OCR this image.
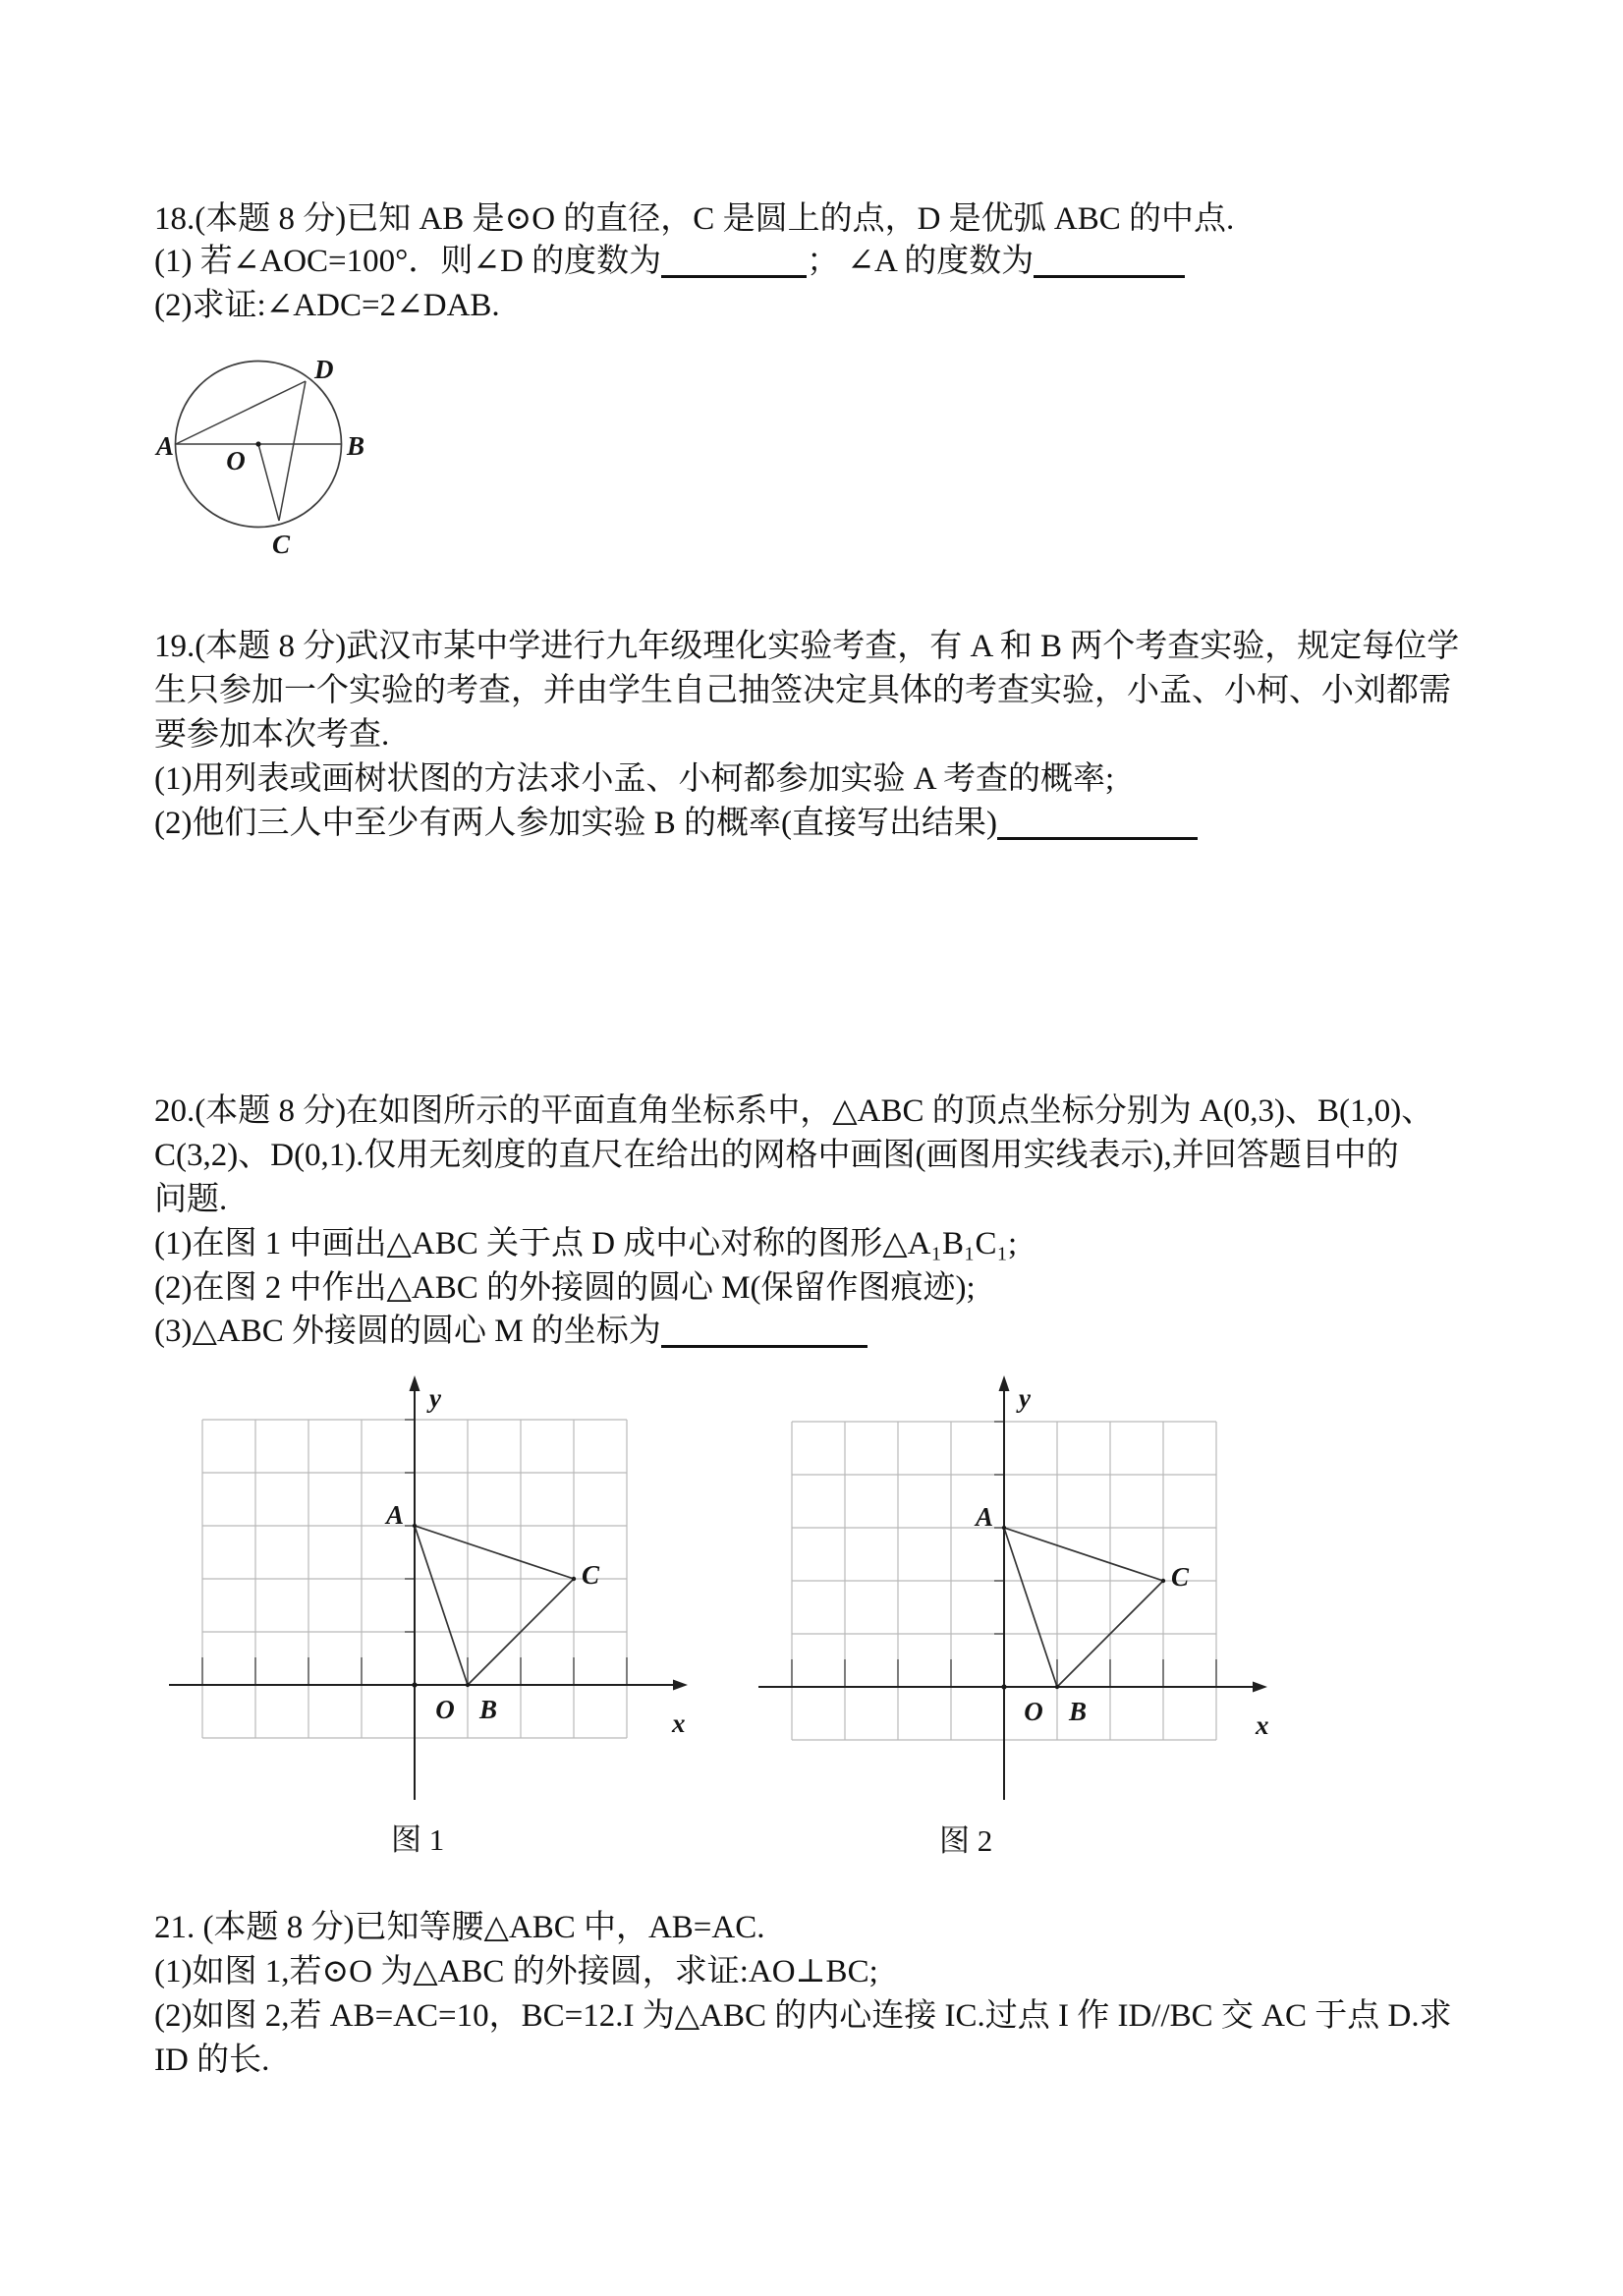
18.(本题 8 分)已知 AB 是⊙O 的直径，C 是圆上的点，D 是优弧 ABC 的中点.
(1) 若∠AOC=100°．则∠D 的度数为	； ∠A 的度数为
(2)求证:∠ADC=2∠DAB.
A	B
O
D
C
19.(本题 8 分)武汉市某中学进行九年级理化实验考查，有 A 和 B 两个考查实验，规定每位学
生只参加一个实验的考查，并由学生自己抽签决定具体的考查实验，小孟、小柯、小刘都需
要参加本次考查.
(1)用列表或画树状图的方法求小孟、小柯都参加实验 A 考查的概率;
(2)他们三人中至少有两人参加实验 B 的概率(直接写出结果)
20.(本题 8 分)在如图所示的平面直角坐标系中，△ABC 的顶点坐标分别为 A(0,3)、B(1,0)、
C(3,2)、D(0,1).仅用无刻度的直尺在给出的网格中画图(画图用实线表示),并回答题目中的
问题.
(1)在图 1 中画出△ABC 关于点 D 成中心对称的图形△A₁B₁C₁;
(2)在图 2 中作出△ABC 的外接圆的圆心 M(保留作图痕迹);
(3)△ABC 外接圆的圆心 M 的坐标为
y
x
O
A
B
C
y
x
O
A
B
C
图 1	图 2
21. (本题 8 分)已知等腰△ABC 中，AB=AC.
(1)如图 1,若⊙O 为△ABC 的外接圆，求证:AO⊥BC;
(2)如图 2,若 AB=AC=10，BC=12.I 为△ABC 的内心连接 IC.过点 I 作 ID//BC 交 AC 于点 D.求
ID 的长.
